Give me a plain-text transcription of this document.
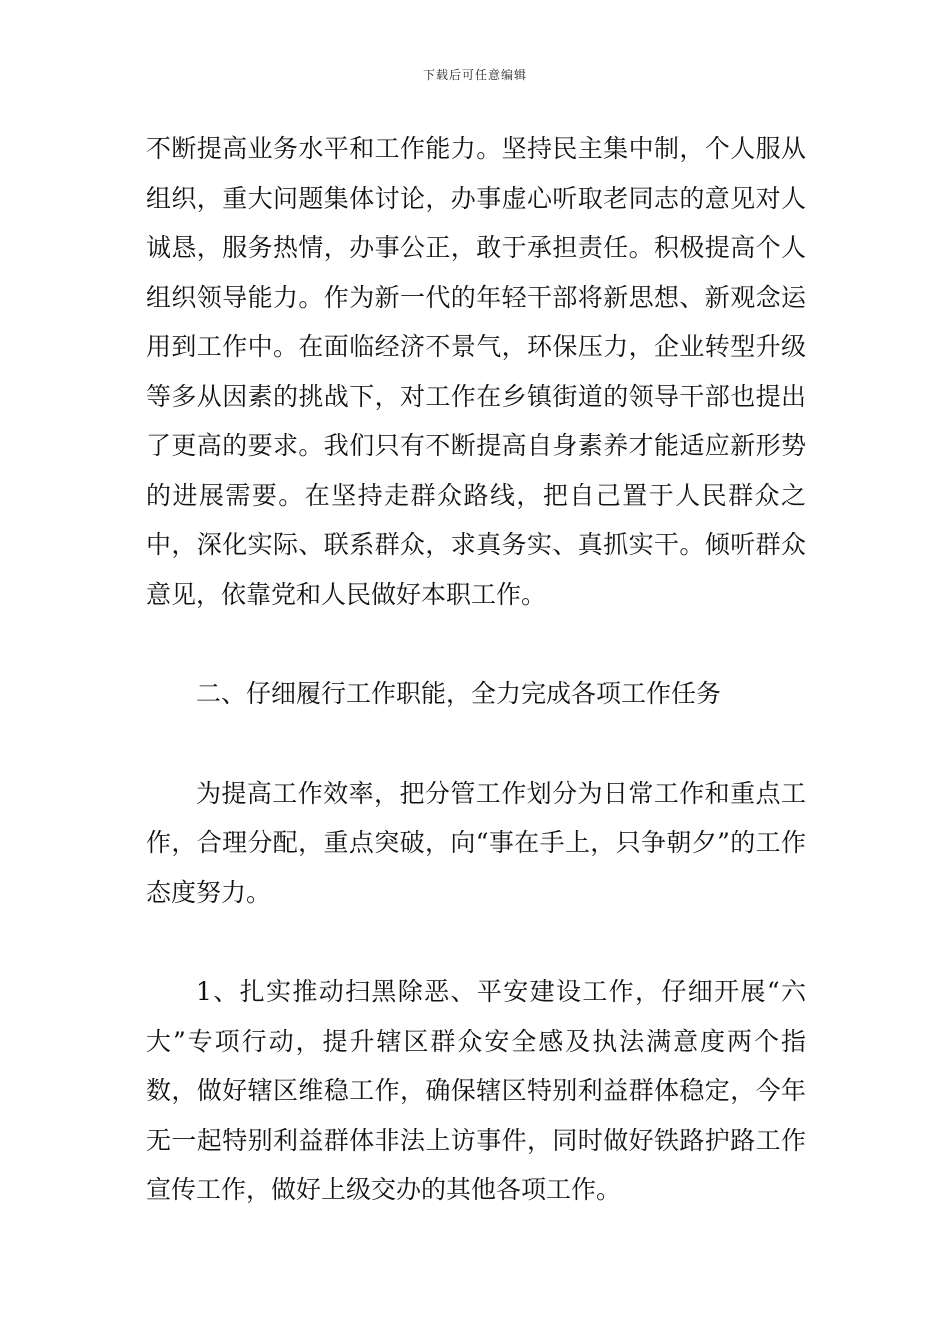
下载后可任意编辑

不断提高业务水平和工作能力。坚持民主集中制，个人服从组织，重大问题集体讨论，办事虚心听取老同志的意见对人诚恳，服务热情，办事公正，敢于承担责任。积极提高个人组织领导能力。作为新一代的年轻干部将新思想、新观念运用到工作中。在面临经济不景气，环保压力，企业转型升级等多从因素的挑战下，对工作在乡镇街道的领导干部也提出了更高的要求。我们只有不断提高自身素养才能适应新形势的进展需要。在坚持走群众路线，把自己置于人民群众之中，深化实际、联系群众，求真务实、真抓实干。倾听群众意见，依靠党和人民做好本职工作。

二、仔细履行工作职能，全力完成各项工作任务

为提高工作效率，把分管工作划分为日常工作和重点工作，合理分配，重点突破，向“事在手上，只争朝夕”的工作态度努力。

1、扎实推动扫黑除恶、平安建设工作，仔细开展“六大”专项行动，提升辖区群众安全感及执法满意度两个指数，做好辖区维稳工作，确保辖区特别利益群体稳定，今年无一起特别利益群体非法上访事件，同时做好铁路护路工作宣传工作，做好上级交办的其他各项工作。
